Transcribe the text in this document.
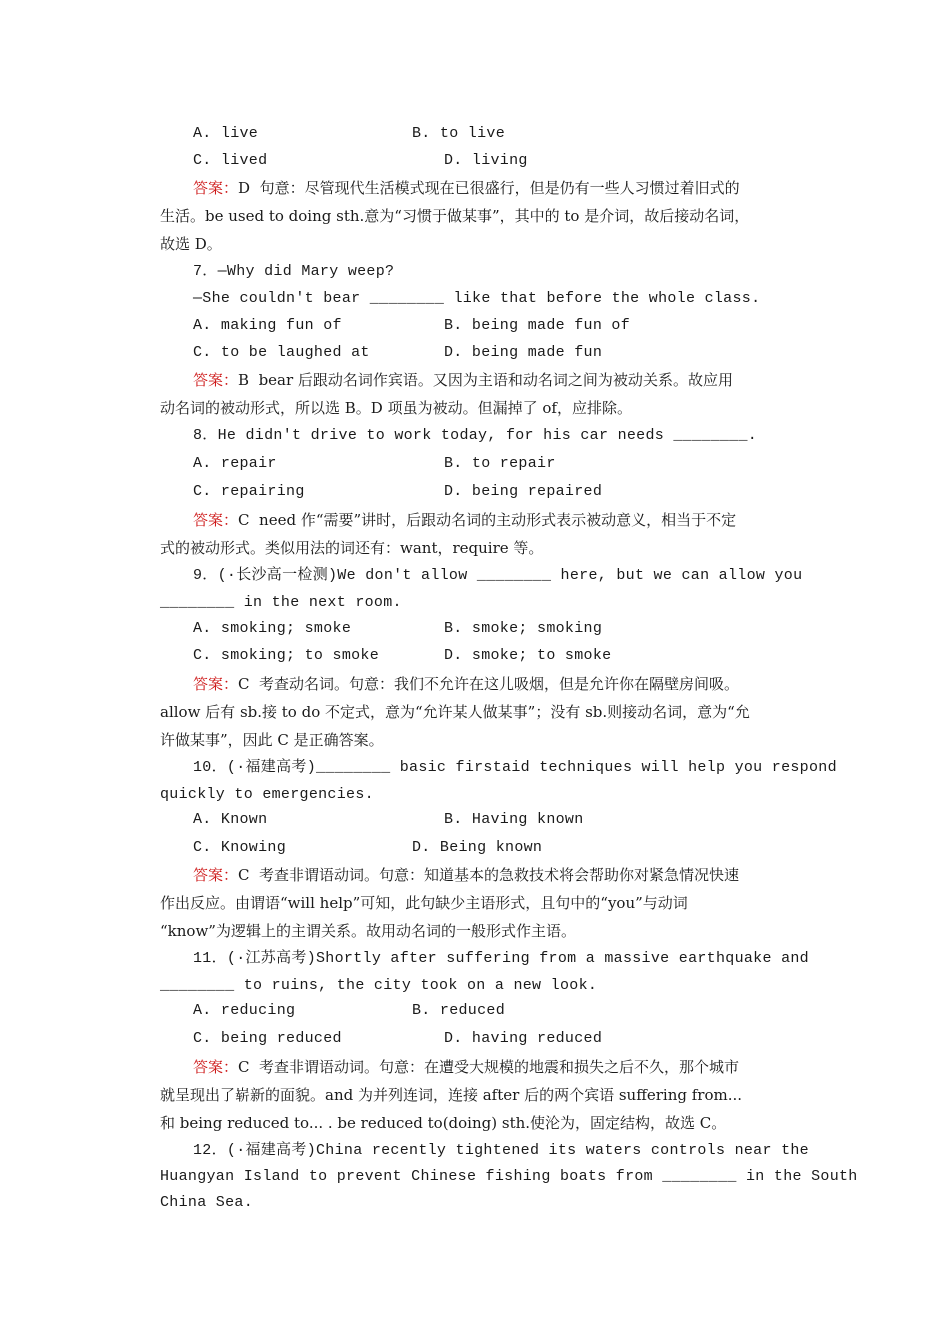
A. live	B. to live
C. lived	D. living
答案：D  句意：尽管现代生活模式现在已很盛行，但是仍有一些人习惯过着旧式的
生活。be used to doing sth.意为“习惯于做某事”，其中的 to 是介词，故后接动名词，
故选 D。
7．—Why did Mary weep?
—She couldn't bear ________ like that before the whole class.
A. making fun of	B. being made fun of
C. to be laughed at	D. being made fun
答案：B  bear 后跟动名词作宾语。又因为主语和动名词之间为被动关系。故应用
动名词的被动形式，所以选 B。D 项虽为被动。但漏掉了 of，应排除。
8．He didn't drive to work today, for his car needs ________.
A. repair	B. to repair
C. repairing	D. being repaired
答案：C  need 作“需要”讲时，后跟动名词的主动形式表示被动意义，相当于不定
式的被动形式。类似用法的词还有：want，require 等。
9．(·长沙高一检测)We don't allow ________ here, but we can allow you
________ in the next room.
A. smoking; smoke	B. smoke; smoking
C. smoking; to smoke	D. smoke; to smoke
答案：C  考查动名词。句意：我们不允许在这儿吸烟，但是允许你在隔壁房间吸。
allow 后有 sb.接 to do 不定式，意为“允许某人做某事”；没有 sb.则接动名词，意为“允
许做某事”，因此 C 是正确答案。
10．(·福建高考)________ basic firstaid techniques will help you respond
quickly to emergencies.
A. Known	B. Having known
C. Knowing	D. Being known
答案：C  考查非谓语动词。句意：知道基本的急救技术将会帮助你对紧急情况快速
作出反应。由谓语“will help”可知，此句缺少主语形式，且句中的“you”与动词
“know”为逻辑上的主谓关系。故用动名词的一般形式作主语。
11．(·江苏高考)Shortly after suffering from a massive earthquake and
________ to ruins, the city took on a new look.
A. reducing	B. reduced
C. being reduced	D. having reduced
答案：C  考查非谓语动词。句意：在遭受大规模的地震和损失之后不久，那个城市
就呈现出了崭新的面貌。and 为并列连词，连接 after 后的两个宾语 suffering from...
和 being reduced to... . be reduced to(doing) sth.使沦为，固定结构，故选 C。
12．(·福建高考)China recently tightened its waters controls near the
Huangyan Island to prevent Chinese fishing boats from ________ in the South
China Sea.
